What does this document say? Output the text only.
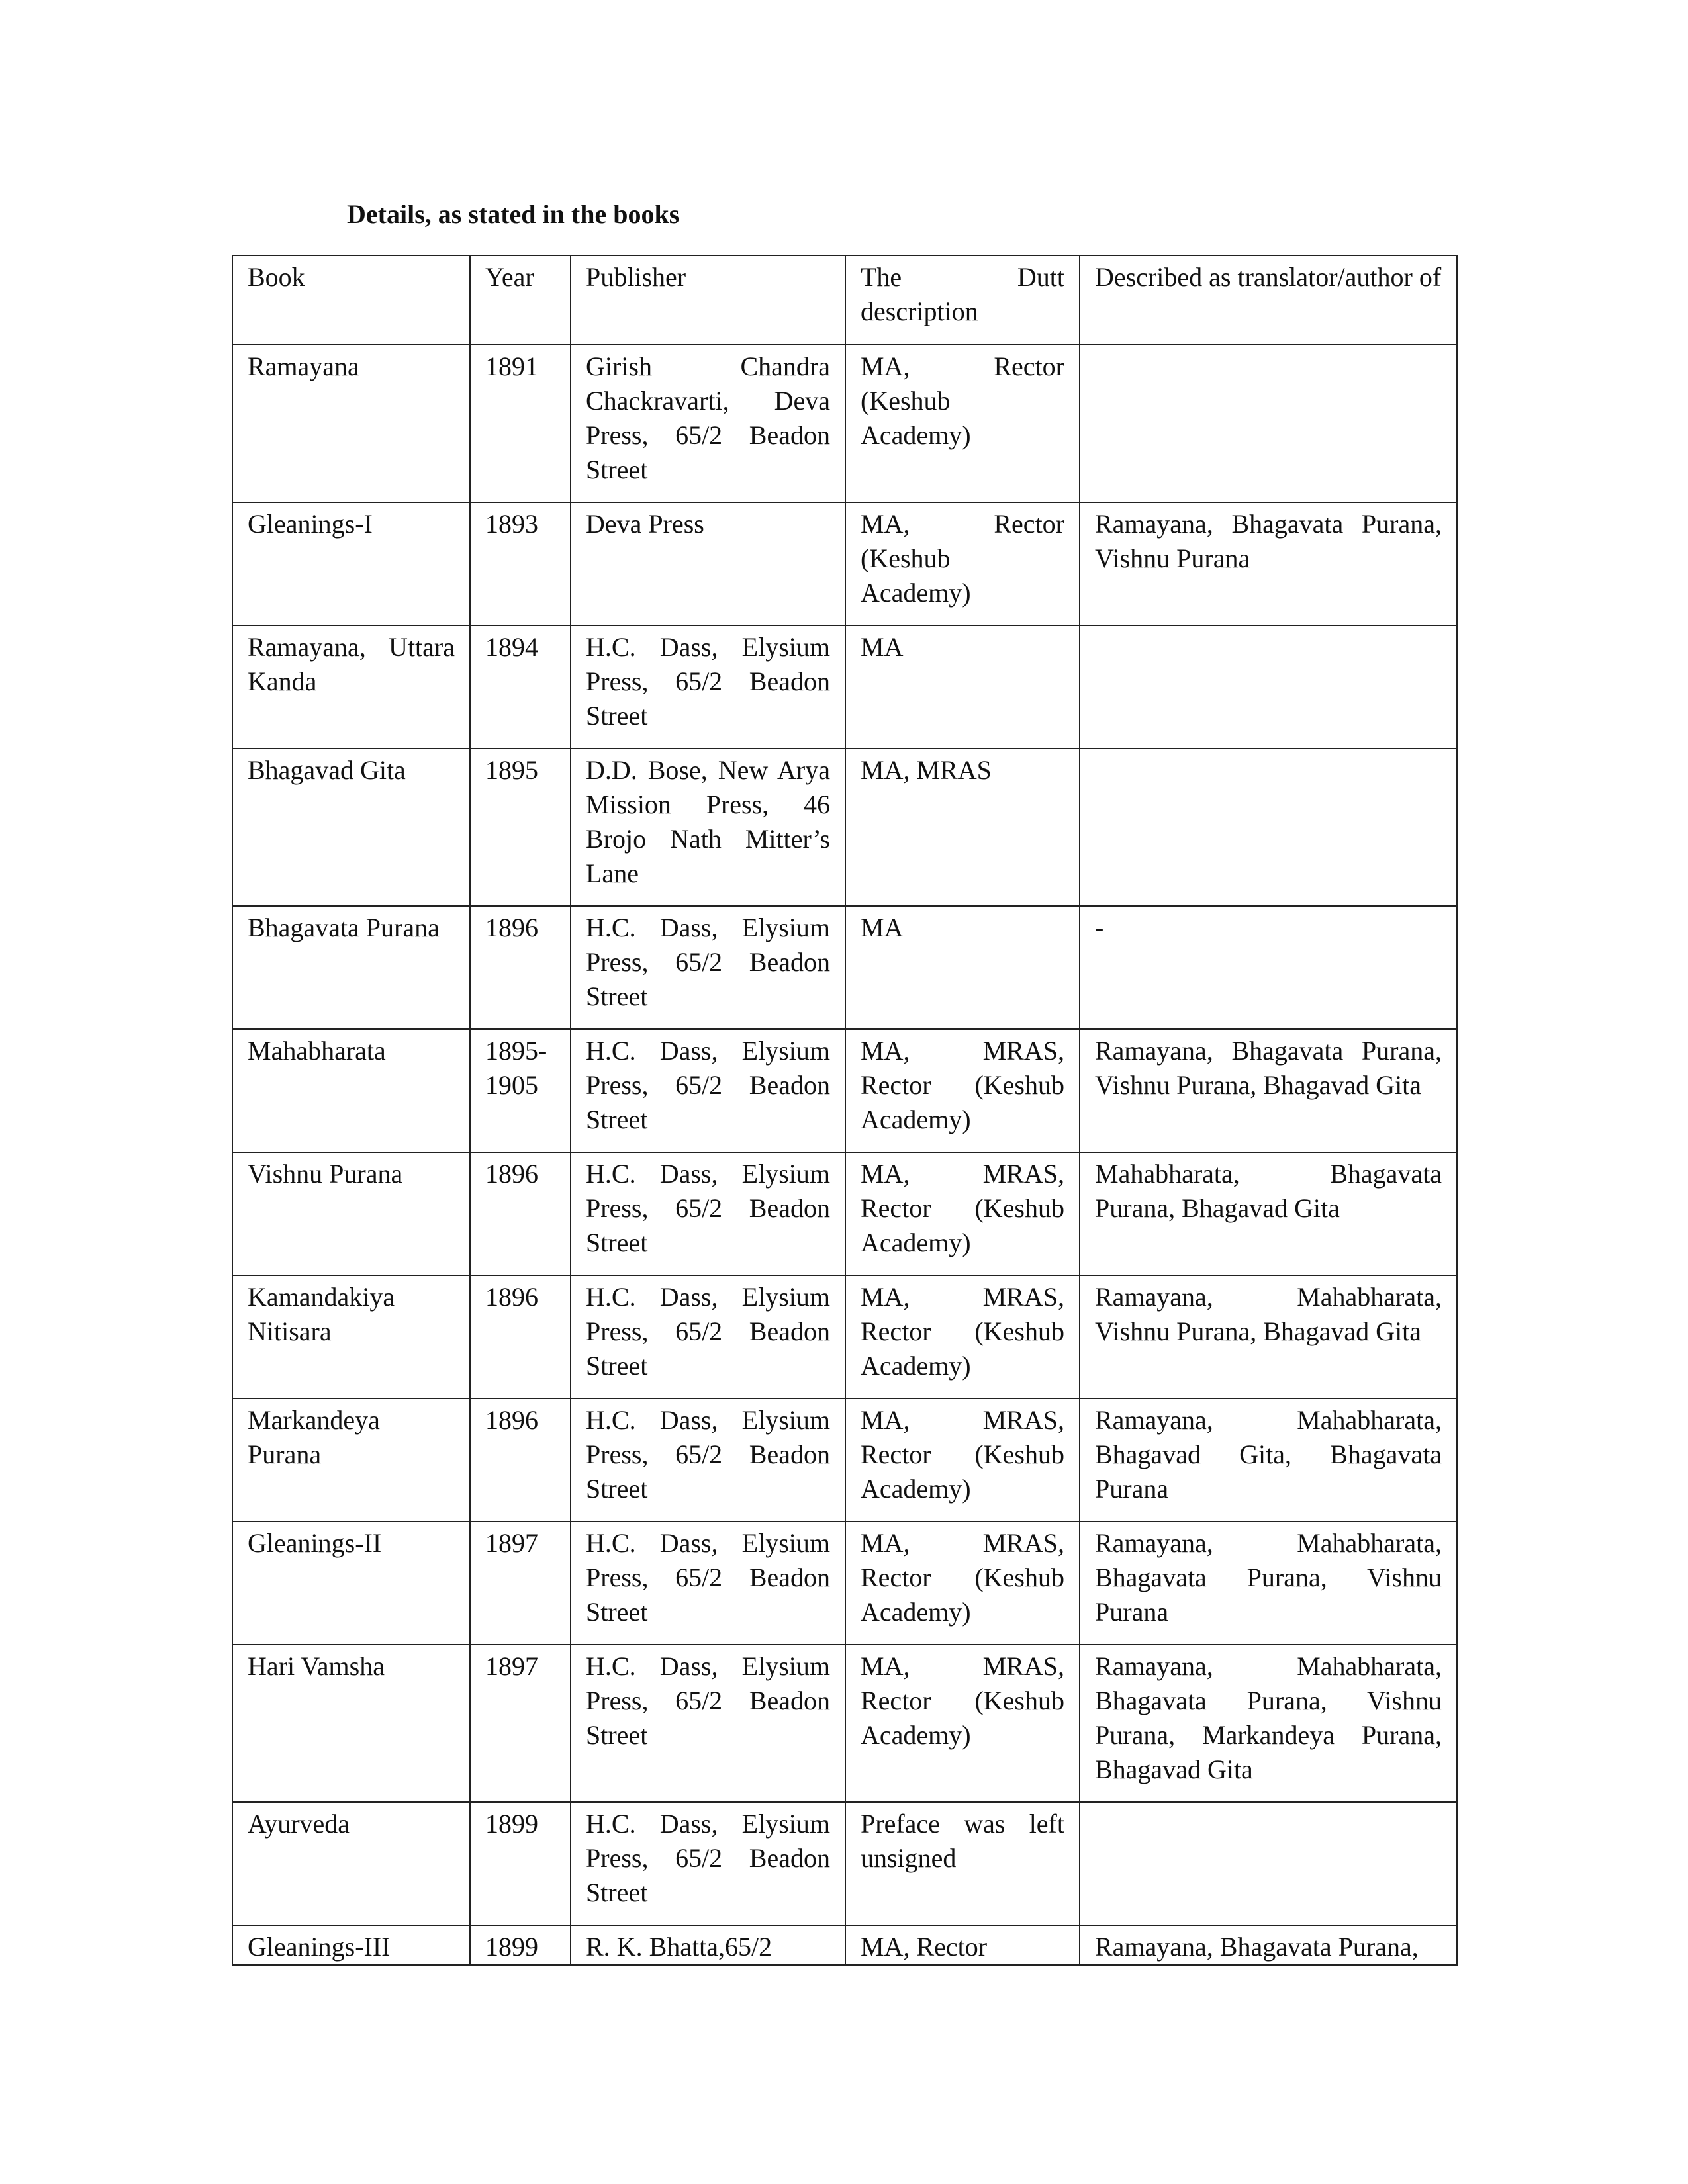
Details, as stated in the books
Book	Year	Publisher	The Dutt description	Described as translator/author of
Ramayana	1891	Girish Chandra Chackravarti, Deva Press, 65/2 Beadon Street	MA, Rector (Keshub Academy)	
Gleanings-I	1893	Deva Press	MA, Rector (Keshub Academy)	Ramayana, Bhagavata Purana, Vishnu Purana
Ramayana, Uttara Kanda	1894	H.C. Dass, Elysium Press, 65/2 Beadon Street	MA	
Bhagavad Gita	1895	D.D. Bose, New Arya Mission Press, 46 Brojo Nath Mitter’s Lane	MA, MRAS	
Bhagavata Purana	1896	H.C. Dass, Elysium Press, 65/2 Beadon Street	MA	-
Mahabharata	1895-1905	H.C. Dass, Elysium Press, 65/2 Beadon Street	MA, MRAS, Rector (Keshub Academy)	Ramayana, Bhagavata Purana, Vishnu Purana, Bhagavad Gita
Vishnu Purana	1896	H.C. Dass, Elysium Press, 65/2 Beadon Street	MA, MRAS, Rector (Keshub Academy)	Mahabharata, Bhagavata Purana, Bhagavad Gita
Kamandakiya Nitisara	1896	H.C. Dass, Elysium Press, 65/2 Beadon Street	MA, MRAS, Rector (Keshub Academy)	Ramayana, Mahabharata, Vishnu Purana, Bhagavad Gita
Markandeya Purana	1896	H.C. Dass, Elysium Press, 65/2 Beadon Street	MA, MRAS, Rector (Keshub Academy)	Ramayana, Mahabharata, Bhagavad Gita, Bhagavata Purana
Gleanings-II	1897	H.C. Dass, Elysium Press, 65/2 Beadon Street	MA, MRAS, Rector (Keshub Academy)	Ramayana, Mahabharata, Bhagavata Purana, Vishnu Purana
Hari Vamsha	1897	H.C. Dass, Elysium Press, 65/2 Beadon Street	MA, MRAS, Rector (Keshub Academy)	Ramayana, Mahabharata, Bhagavata Purana, Vishnu Purana, Markandeya Purana, Bhagavad Gita
Ayurveda	1899	H.C. Dass, Elysium Press, 65/2 Beadon Street	Preface was left unsigned	
Gleanings-III	1899	R. K. Bhatta,65/2	MA, Rector	Ramayana, Bhagavata Purana,
